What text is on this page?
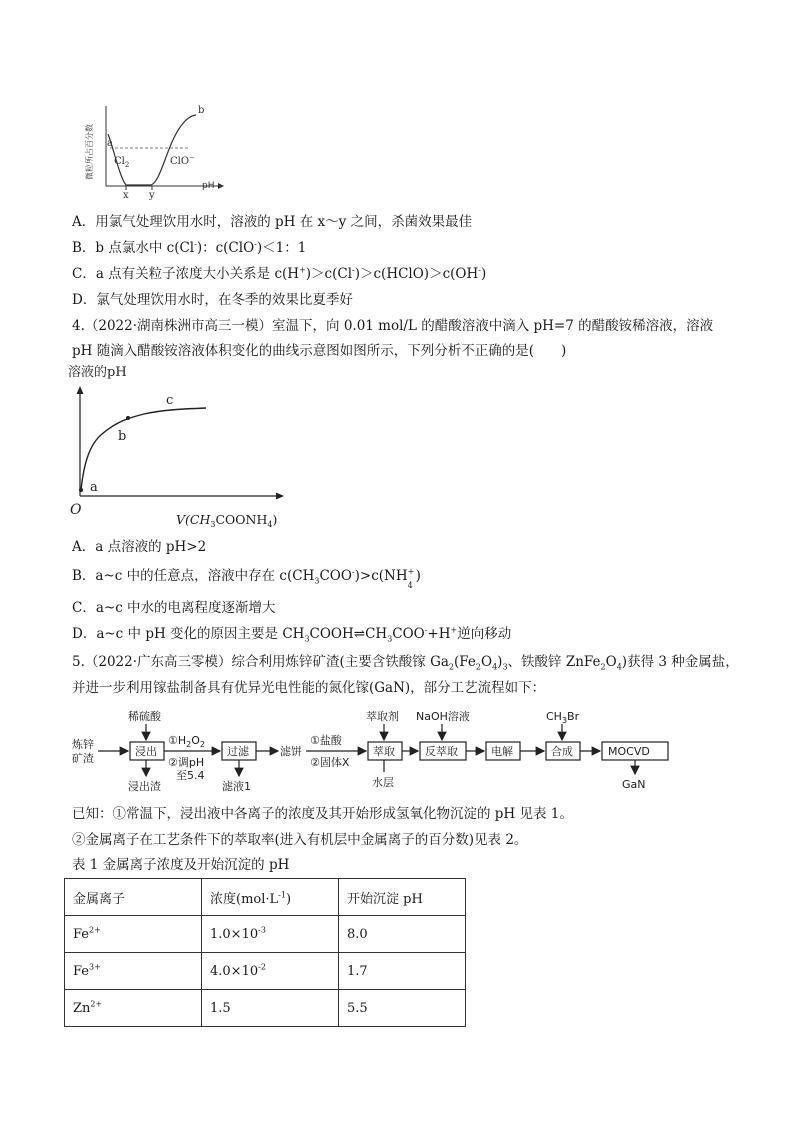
微粒所占百分数 a
b
$Cl_2$	ClO−
pH
x y
A．用氯气处理饮用水时，溶液的 pH 在 x～y 之间，杀菌效果最佳
B．b 点氯水中 c(Cl-)：c(ClO-)＜1：1
C．a 点有关粒子浓度大小关系是 c(H+)＞c(Cl-)＞c(HClO)＞c(OH-)
D．氯气处理饮用水时，在冬季的效果比夏季好
4.（2022·湖南株洲市高三一模）室温下，向 0.01 mol/L 的醋酸溶液中滴入 pH=7 的醋酸铵稀溶液，溶液
pH 随滴入醋酸铵溶液体积变化的曲线示意图如图所示，下列分析不正确的是(　　)
溶液的pH
a
b
c
O
$V(CH_3COONH_4)$
A．a 点溶液的 pH>2
B．a~c 中的任意点，溶液中存在 $c(CH_3COO^-)>c(NH$ +
4
)
C．a~c 中水的电离程度逐渐增大
D．a~c 中 pH 变化的原因主要是 $CH_3COOH\rightleftharpoons CH_3COO^-+H^+$逆向移动
5.（2022·广东高三零模）综合利用炼锌矿渣(主要含铁酸镓 $Ga_2(Fe_2O_4)_3$、铁酸锌 $ZnFe_2O_4$)获得 3 种金属盐，
并进一步利用镓盐制备具有优异光电性能的氮化镓(GaN)，部分工艺流程如下：
炼锌
矿渣
稀硫酸
浸出
浸出渣
$①H_2O_2$
②调pH
至5.4
过滤
滤液1
滤饼
①盐酸
②固体X
萃取剂
萃取
水层
NaOH溶液
反萃取	电解
$CH_3Br$
合成	MOCVD
GaN
已知：①常温下，浸出液中各离子的浓度及其开始形成氢氧化物沉淀的 pH 见表 1。
②金属离子在工艺条件下的萃取率(进入有机层中金属离子的百分数)见表 2。
表 1 金属离子浓度及开始沉淀的 pH
金属离子	浓度$(mol\cdot L^{-1})$	开始沉淀 pH
$Fe^{2+}$	$1.0\times 10^{-3}$	8.0
$Fe^{3+}$	$4.0\times 10^{-2}$	1.7
$Zn^{2+}$	1.5	5.5
